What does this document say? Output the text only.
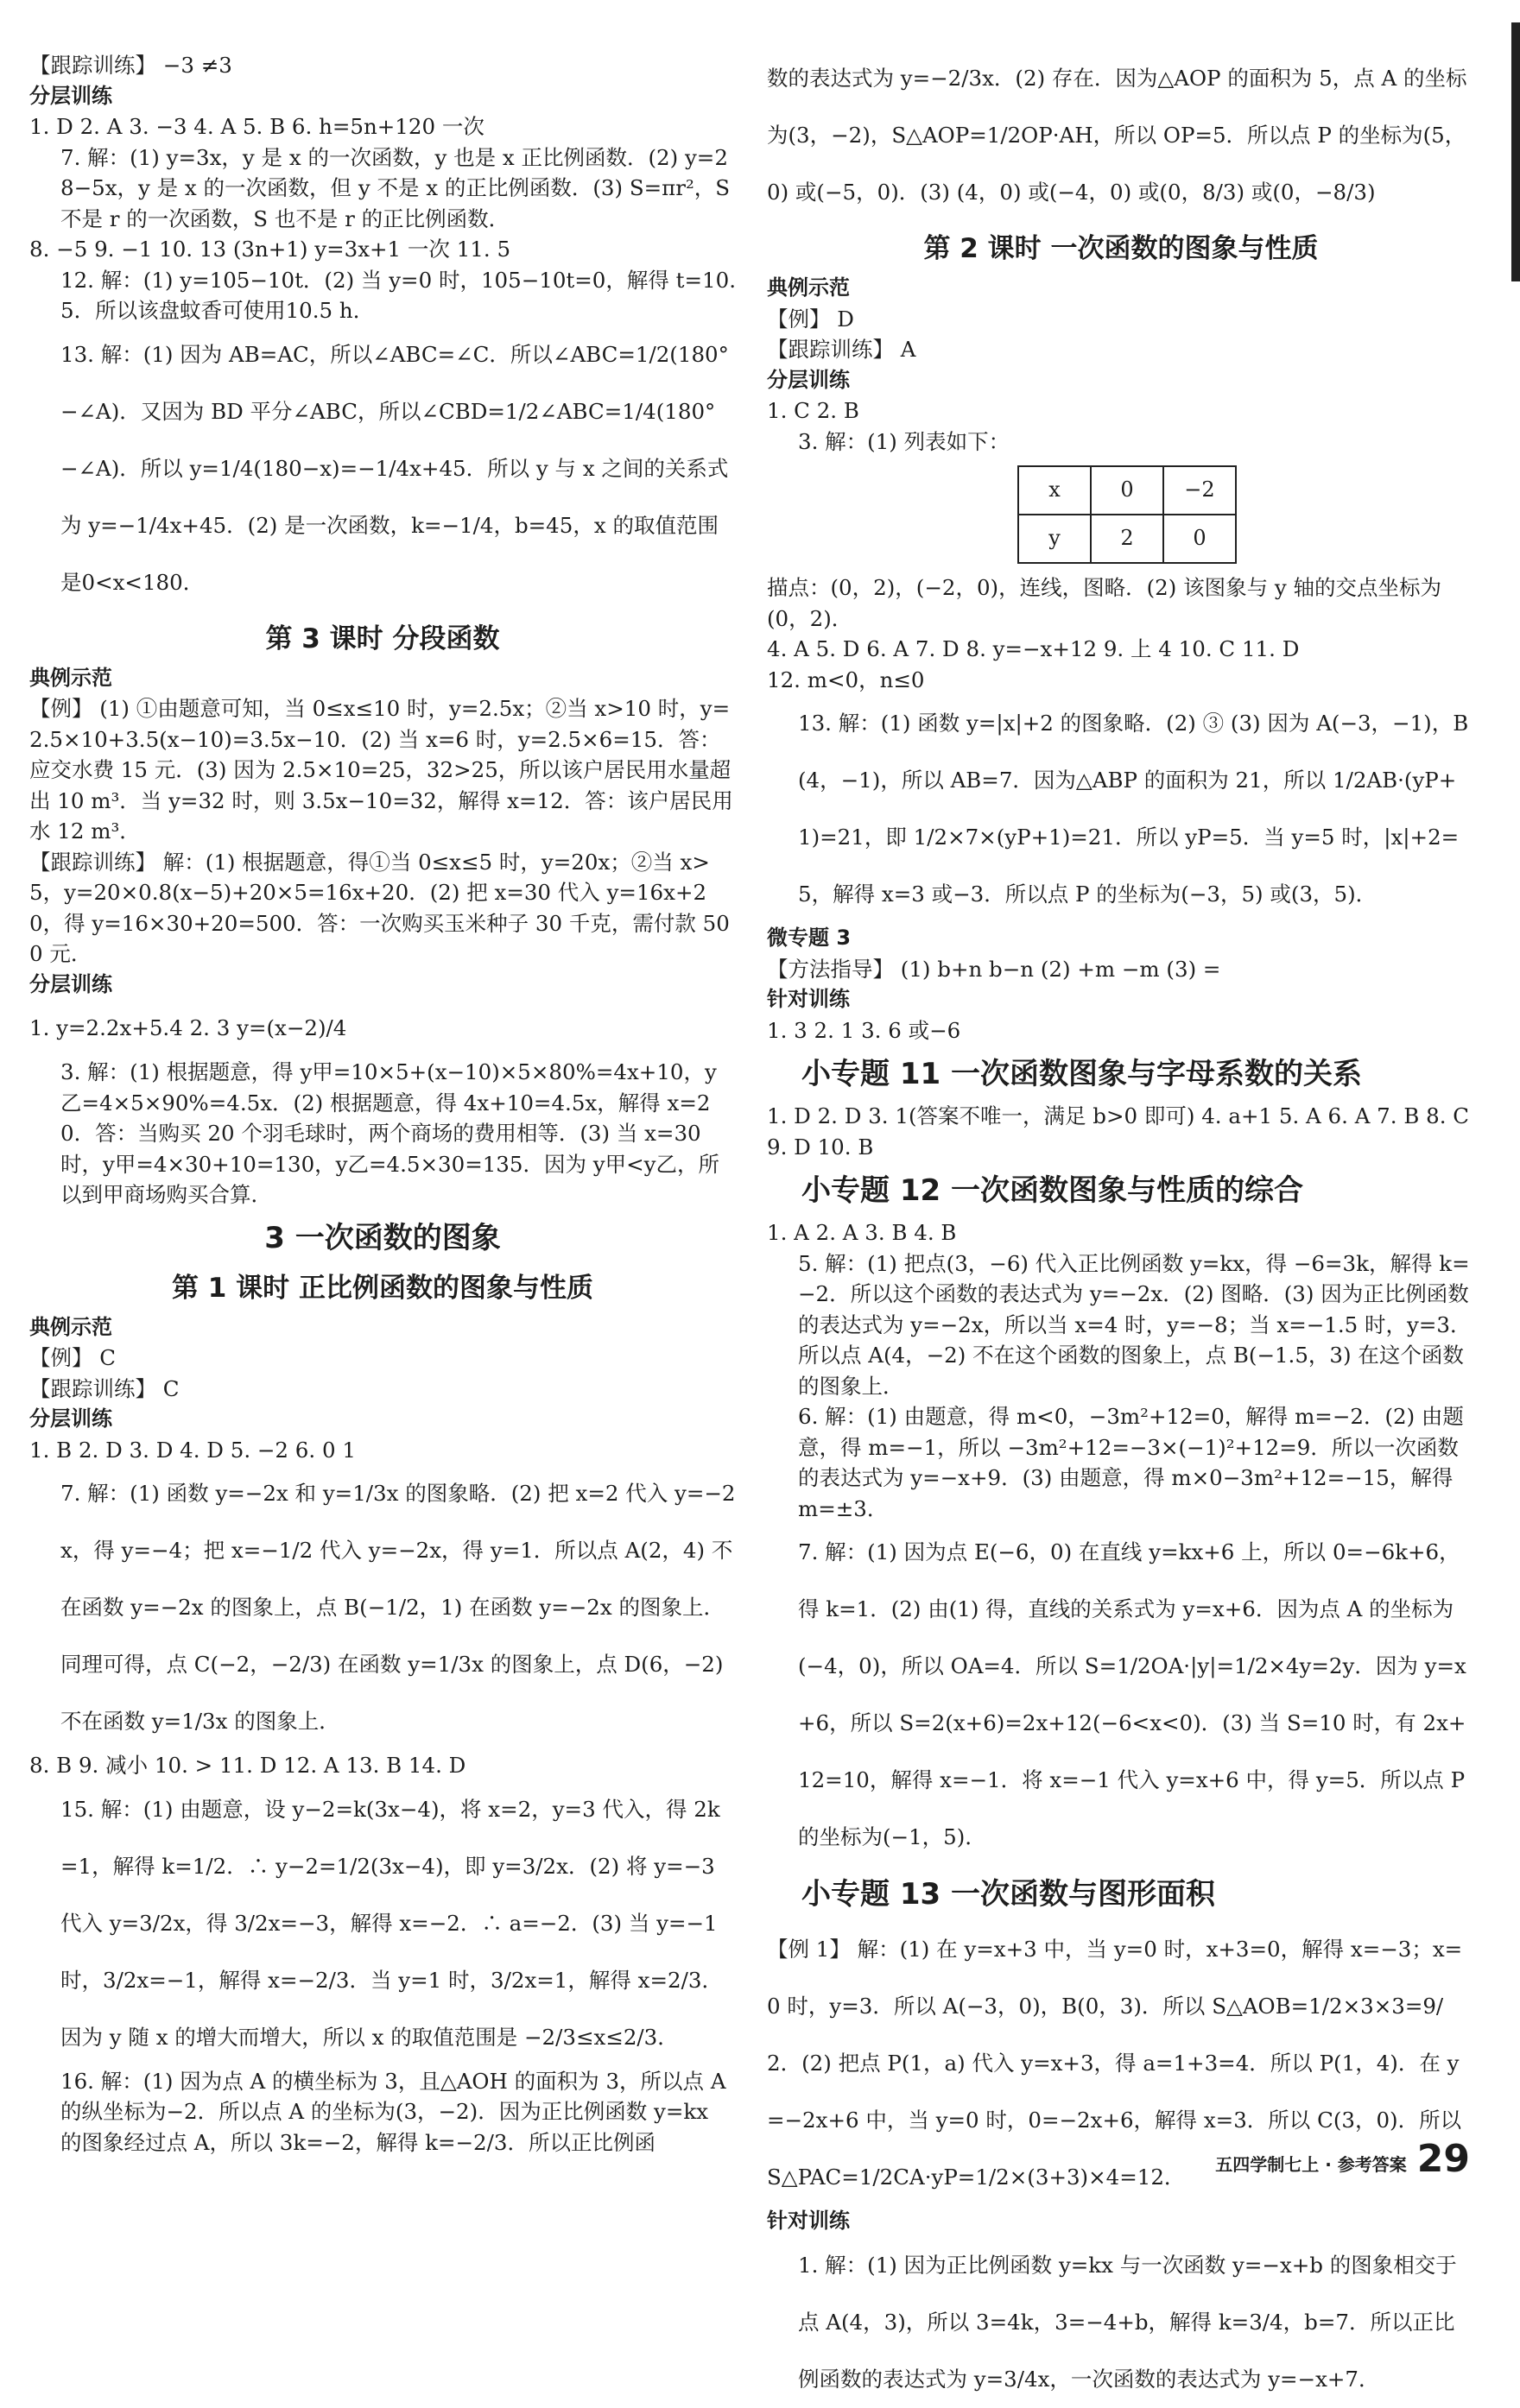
【跟踪训练】 −3 ≠3
分层训练
1. D 2. A 3. −3 4. A 5. B 6. h=5n+120 一次
7. 解：(1) y=3x，y 是 x 的一次函数，y 也是 x 正比例函数．(2) y=28−5x，y 是 x 的一次函数，但 y 不是 x 的正比例函数．(3) S=πr²，S 不是 r 的一次函数，S 也不是 r 的正比例函数．
8. −5 9. −1 10. 13 (3n+1) y=3x+1 一次 11. 5
12. 解：(1) y=105−10t．(2) 当 y=0 时，105−10t=0，解得 t=10.5．所以该盘蚊香可使用10.5 h．
13. 解：(1) 因为 AB=AC，所以∠ABC=∠C．所以∠ABC=1/2(180°−∠A)．又因为 BD 平分∠ABC，所以∠CBD=1/2∠ABC=1/4(180°−∠A)．所以 y=1/4(180−x)=−1/4x+45．所以 y 与 x 之间的关系式为 y=−1/4x+45．(2) 是一次函数，k=−1/4，b=45，x 的取值范围是0<x<180．
第 3 课时 分段函数
典例示范
【例】 (1) ①由题意可知，当 0≤x≤10 时，y=2.5x；②当 x>10 时，y=2.5×10+3.5(x−10)=3.5x−10．(2) 当 x=6 时，y=2.5×6=15．答：应交水费 15 元．(3) 因为 2.5×10=25，32>25，所以该户居民用水量超出 10 m³．当 y=32 时，则 3.5x−10=32，解得 x=12．答：该户居民用水 12 m³．
【跟踪训练】 解：(1) 根据题意，得①当 0≤x≤5 时，y=20x；②当 x>5，y=20×0.8(x−5)+20×5=16x+20．(2) 把 x=30 代入 y=16x+20，得 y=16×30+20=500．答：一次购买玉米种子 30 千克，需付款 500 元．
分层训练
1. y=2.2x+5.4 2. 3 y=(x−2)/4
3. 解：(1) 根据题意，得 y甲=10×5+(x−10)×5×80%=4x+10，y乙=4×5×90%=4.5x．(2) 根据题意，得 4x+10=4.5x，解得 x=20．答：当购买 20 个羽毛球时，两个商场的费用相等．(3) 当 x=30 时，y甲=4×30+10=130，y乙=4.5×30=135．因为 y甲<y乙，所以到甲商场购买合算．
3 一次函数的图象
第 1 课时 正比例函数的图象与性质
典例示范
【例】 C
【跟踪训练】 C
分层训练
1. B 2. D 3. D 4. D 5. −2 6. 0 1
7. 解：(1) 函数 y=−2x 和 y=1/3x 的图象略．(2) 把 x=2 代入 y=−2x，得 y=−4；把 x=−1/2 代入 y=−2x，得 y=1．所以点 A(2，4) 不在函数 y=−2x 的图象上，点 B(−1/2，1) 在函数 y=−2x 的图象上．同理可得，点 C(−2，−2/3) 在函数 y=1/3x 的图象上，点 D(6，−2) 不在函数 y=1/3x 的图象上．
8. B 9. 减小 10. > 11. D 12. A 13. B 14. D
15. 解：(1) 由题意，设 y−2=k(3x−4)，将 x=2，y=3 代入，得 2k=1，解得 k=1/2．∴ y−2=1/2(3x−4)，即 y=3/2x．(2) 将 y=−3 代入 y=3/2x，得 3/2x=−3，解得 x=−2．∴ a=−2．(3) 当 y=−1 时，3/2x=−1，解得 x=−2/3．当 y=1 时，3/2x=1，解得 x=2/3．因为 y 随 x 的增大而增大，所以 x 的取值范围是 −2/3≤x≤2/3．
16. 解：(1) 因为点 A 的横坐标为 3，且△AOH 的面积为 3，所以点 A 的纵坐标为−2．所以点 A 的坐标为(3，−2)．因为正比例函数 y=kx 的图象经过点 A，所以 3k=−2，解得 k=−2/3．所以正比例函
数的表达式为 y=−2/3x．(2) 存在．因为△AOP 的面积为 5，点 A 的坐标为(3，−2)，S△AOP=1/2OP·AH，所以 OP=5．所以点 P 的坐标为(5，0) 或(−5，0)．(3) (4，0) 或(−4，0) 或(0，8/3) 或(0，−8/3)
第 2 课时 一次函数的图象与性质
典例示范
【例】 D
【跟踪训练】 A
分层训练
1. C 2. B
3. 解：(1) 列表如下：
x	0	−2
y	2	0
描点：(0，2)，(−2，0)，连线，图略．(2) 该图象与 y 轴的交点坐标为(0，2)．
4. A 5. D 6. A 7. D 8. y=−x+12 9. 上 4 10. C 11. D
12. m<0，n≤0
13. 解：(1) 函数 y=|x|+2 的图象略．(2) ③ (3) 因为 A(−3，−1)，B(4，−1)，所以 AB=7．因为△ABP 的面积为 21，所以 1/2AB·(yP+1)=21，即 1/2×7×(yP+1)=21．所以 yP=5．当 y=5 时，|x|+2=5，解得 x=3 或−3．所以点 P 的坐标为(−3，5) 或(3，5)．
微专题 3
【方法指导】 (1) b+n b−n (2) +m −m (3) =
针对训练
1. 3 2. 1 3. 6 或−6
小专题 11 一次函数图象与字母系数的关系
1. D 2. D 3. 1(答案不唯一，满足 b>0 即可) 4. a+1 5. A 6. A 7. B 8. C 9. D 10. B
小专题 12 一次函数图象与性质的综合
1. A 2. A 3. B 4. B
5. 解：(1) 把点(3，−6) 代入正比例函数 y=kx，得 −6=3k，解得 k=−2．所以这个函数的表达式为 y=−2x．(2) 图略．(3) 因为正比例函数的表达式为 y=−2x，所以当 x=4 时，y=−8；当 x=−1.5 时，y=3．所以点 A(4，−2) 不在这个函数的图象上，点 B(−1.5，3) 在这个函数的图象上．
6. 解：(1) 由题意，得 m<0，−3m²+12=0，解得 m=−2．(2) 由题意，得 m=−1，所以 −3m²+12=−3×(−1)²+12=9．所以一次函数的表达式为 y=−x+9．(3) 由题意，得 m×0−3m²+12=−15，解得 m=±3．
7. 解：(1) 因为点 E(−6，0) 在直线 y=kx+6 上，所以 0=−6k+6，得 k=1．(2) 由(1) 得，直线的关系式为 y=x+6．因为点 A 的坐标为(−4，0)，所以 OA=4．所以 S=1/2OA·|y|=1/2×4y=2y．因为 y=x+6，所以 S=2(x+6)=2x+12(−6<x<0)．(3) 当 S=10 时，有 2x+12=10，解得 x=−1．将 x=−1 代入 y=x+6 中，得 y=5．所以点 P 的坐标为(−1，5)．
小专题 13 一次函数与图形面积
【例 1】 解：(1) 在 y=x+3 中，当 y=0 时，x+3=0，解得 x=−3；x=0 时，y=3．所以 A(−3，0)，B(0，3)．所以 S△AOB=1/2×3×3=9/2．(2) 把点 P(1，a) 代入 y=x+3，得 a=1+3=4．所以 P(1，4)．在 y=−2x+6 中，当 y=0 时，0=−2x+6，解得 x=3．所以 C(3，0)．所以 S△PAC=1/2CA·yP=1/2×(3+3)×4=12．
针对训练
1. 解：(1) 因为正比例函数 y=kx 与一次函数 y=−x+b 的图象相交于点 A(4，3)，所以 3=4k，3=−4+b，解得 k=3/4，b=7．所以正比例函数的表达式为 y=3/4x，一次函数的表达式为 y=−x+7．
五四学制七上 · 参考答案 29
